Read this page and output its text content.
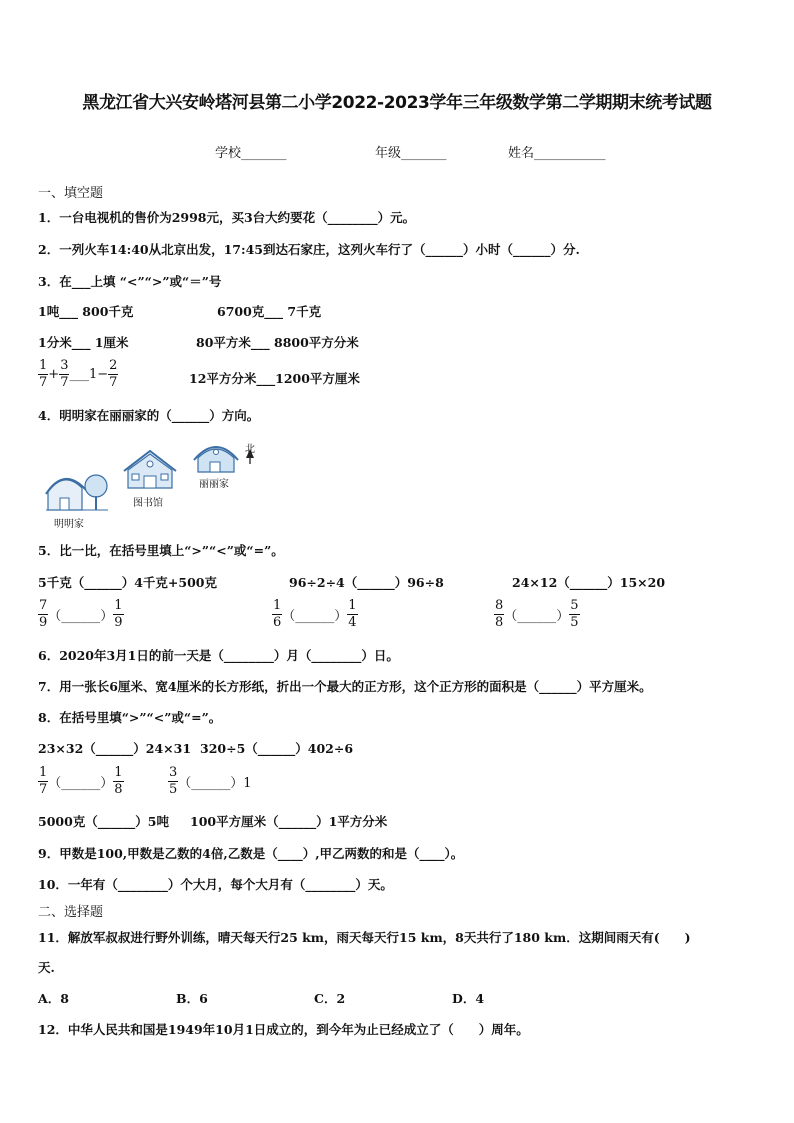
黑龙江省大兴安岭塔河县第二小学2022-2023学年三年级数学第二学期期末统考试题
学校_______	年级_______	姓名___________
一、填空题
1．一台电视机的售价为2998元，买3台大约要花（________）元。
2．一列火车14:40从北京出发，17:45到达石家庄，这列火车行了（______）小时（______）分.
3．在___上填 “<”“>”或“＝”号
1吨___ 800千克	6700克___ 7千克
1分米___ 1厘米	80平方米___ 8800平方分米
$\frac{1}{7} + \frac{3}{7}$ ___1− $\frac{2}{7}$	12平方分米___1200平方厘米
4．明明家在丽丽家的（______）方向。
北
丽丽家
图书馆
明明家
5．比一比，在括号里填上“>”“<”或“=”。
5千克（______）4千克+500克	96÷2÷4（______）96÷8	24×12（______）15×20
$\frac{7}{9}$ （______） $\frac{1}{9}$	$\frac{1}{6}$ （______） $\frac{1}{4}$	$\frac{8}{8}$ （______） $\frac{5}{5}$
6．2020年3月1日的前一天是（________）月（________）日。
7．用一张长6厘米、宽4厘米的长方形纸，折出一个最大的正方形，这个正方形的面积是（______）平方厘米。
8．在括号里填“>”“<”或“=”。
23×32（______）24×31 320÷5（______）402÷6
$\frac{1}{7}$ （______） $\frac{1}{8}$	$\frac{3}{5}$ （______）1
5000克（______）5吨 100平方厘米（______）1平方分米
9．甲数是100,甲数是乙数的4倍,乙数是（____）,甲乙两数的和是（____）。
10．一年有（________）个大月，每个大月有（________）天。
二、选择题
11．解放军叔叔进行野外训练，晴天每天行25 km，雨天每天行15 km，8天共行了180 km．这期间雨天有(　　)
天.
A．8	B．6	C．2	D．4
12．中华人民共和国是1949年10月1日成立的，到今年为止已经成立了（　　）周年。
